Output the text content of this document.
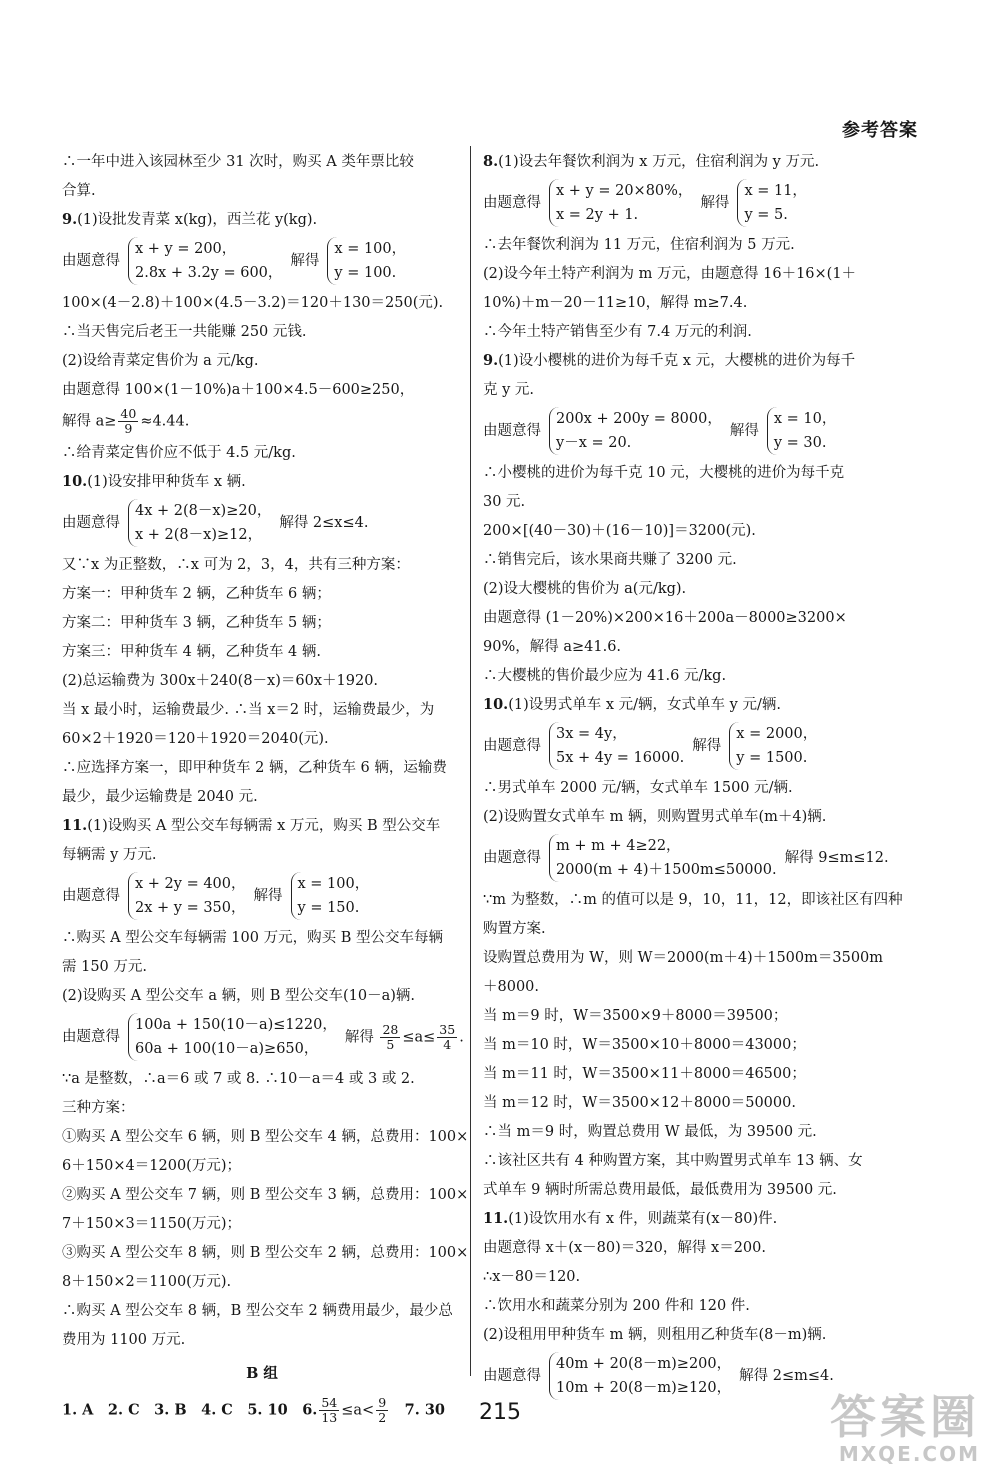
参考答案
∴一年中进入该园林至少 31 次时，购买 A 类年票比较
合算.
9.(1)设批发青菜 x(kg)，西兰花 y(kg).
由题意得
x + y = 200，
2.8x + 3.2y = 600，
解得
x = 100，
y = 100.
100×(4－2.8)＋100×(4.5－3.2)＝120＋130＝250(元).
∴当天售完后老王一共能赚 250 元钱.
(2)设给青菜定售价为 a 元/kg.
由题意得 100×(1－10%)a＋100×4.5－600≥250，
解得 $a\ge \frac{40}{9} \approx 4.44$.
∴给青菜定售价应不低于 4.5 元/kg.
10.(1)设安排甲种货车 x 辆.
由题意得
4x + 2(8－x)≥20，
x + 2(8－x)≥12，
解得 2≤x≤4.
又∵x 为正整数，∴x 可为 2，3，4，共有三种方案：
方案一：甲种货车 2 辆，乙种货车 6 辆；
方案二：甲种货车 3 辆，乙种货车 5 辆；
方案三：甲种货车 4 辆，乙种货车 4 辆.
(2)总运输费为 300x＋240(8－x)＝60x＋1920.
当 x 最小时，运输费最少. ∴当 x＝2 时，运输费最少，为
60×2＋1920＝120＋1920＝2040(元).
∴应选择方案一，即甲种货车 2 辆，乙种货车 6 辆，运输费
最少，最少运输费是 2040 元.
11.(1)设购买 A 型公交车每辆需 x 万元，购买 B 型公交车
每辆需 y 万元.
由题意得
x + 2y = 400，
2x + y = 350，
解得
x = 100，
y = 150.
∴购买 A 型公交车每辆需 100 万元，购买 B 型公交车每辆
需 150 万元.
(2)设购买 A 型公交车 a 辆，则 B 型公交车(10－a)辆.
由题意得
100a + 150(10－a)≤1220，
60a + 100(10－a)≥650，
解得 $\frac{28}{5} \le a\le \frac{35}{4}$ .
∵a 是整数，∴a＝6 或 7 或 8. ∴10－a＝4 或 3 或 2.
三种方案：
①购买 A 型公交车 6 辆，则 B 型公交车 4 辆，总费用：100×
6＋150×4＝1200(万元)；
②购买 A 型公交车 7 辆，则 B 型公交车 3 辆，总费用：100×
7＋150×3＝1150(万元)；
③购买 A 型公交车 8 辆，则 B 型公交车 2 辆，总费用：100×
8＋150×2＝1100(万元).
∴购买 A 型公交车 8 辆，B 型公交车 2 辆费用最少，最少总
费用为 1100 万元.
B 组
1. A　2. C　3. B　4. C　5. 10　6. $\frac{54}{13} \le a< \frac{9}{2}$ 　7. 30
8.(1)设去年餐饮利润为 x 万元，住宿利润为 y 万元.
由题意得
x + y = 20×80%，
x = 2y + 1.
解得
x = 11，
y = 5.
∴去年餐饮利润为 11 万元，住宿利润为 5 万元.
(2)设今年土特产利润为 m 万元，由题意得 16＋16×(1＋
10%)＋m－20－11≥10，解得 m≥7.4.
∴今年土特产销售至少有 7.4 万元的利润.
9.(1)设小樱桃的进价为每千克 x 元，大樱桃的进价为每千
克 y 元.
由题意得
200x + 200y = 8000，
y－x = 20.
解得
x = 10，
y = 30.
∴小樱桃的进价为每千克 10 元，大樱桃的进价为每千克
30 元.
200×[(40－30)＋(16－10)]＝3200(元).
∴销售完后，该水果商共赚了 3200 元.
(2)设大樱桃的售价为 a(元/kg).
由题意得 (1－20%)×200×16＋200a－8000≥3200×
90%，解得 a≥41.6.
∴大樱桃的售价最少应为 41.6 元/kg.
10.(1)设男式单车 x 元/辆，女式单车 y 元/辆.
由题意得
3x = 4y，
5x + 4y = 16000.
解得
x = 2000，
y = 1500.
∴男式单车 2000 元/辆，女式单车 1500 元/辆.
(2)设购置女式单车 m 辆，则购置男式单车(m＋4)辆.
由题意得
m + m + 4≥22，
2000(m + 4)＋1500m≤50000.
解得 9≤m≤12.
∵m 为整数，∴m 的值可以是 9，10，11，12，即该社区有四种
购置方案.
设购置总费用为 W，则 W＝2000(m＋4)＋1500m＝3500m
＋8000.
当 m＝9 时，W＝3500×9＋8000＝39500；
当 m＝10 时，W＝3500×10＋8000＝43000；
当 m＝11 时，W＝3500×11＋8000＝46500；
当 m＝12 时，W＝3500×12＋8000＝50000.
∴当 m＝9 时，购置总费用 W 最低，为 39500 元.
∴该社区共有 4 种购置方案，其中购置男式单车 13 辆、女
式单车 9 辆时所需总费用最低，最低费用为 39500 元.
11.(1)设饮用水有 x 件，则蔬菜有(x－80)件.
由题意得 x＋(x－80)＝320，解得 x＝200.
∴x－80＝120.
∴饮用水和蔬菜分别为 200 件和 120 件.
(2)设租用甲种货车 m 辆，则租用乙种货车(8－m)辆.
由题意得
40m + 20(8－m)≥200，
10m + 20(8－m)≥120，
解得 2≤m≤4.
215	答案圈
MXQE.COM
